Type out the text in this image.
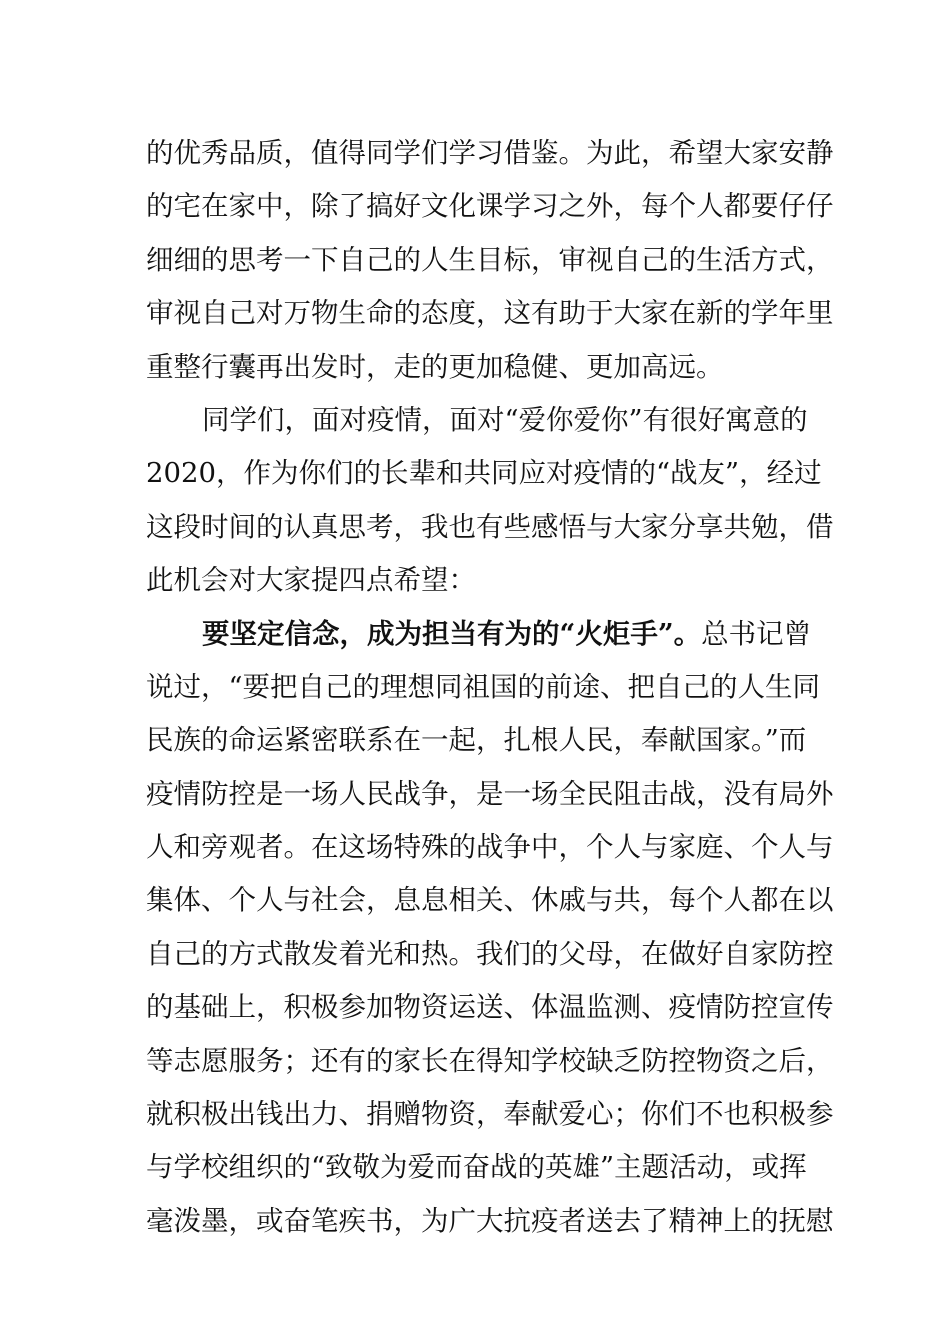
的优秀品质，值得同学们学习借鉴。为此，希望大家安静
的宅在家中，除了搞好文化课学习之外，每个人都要仔仔
细细的思考一下自己的人生目标，审视自己的生活方式，
审视自己对万物生命的态度，这有助于大家在新的学年里
重整行囊再出发时，走的更加稳健、更加高远。
同学们，面对疫情，面对“爱你爱你”有很好寓意的
2020，作为你们的长辈和共同应对疫情的“战友”，经过
这段时间的认真思考，我也有些感悟与大家分享共勉，借
此机会对大家提四点希望：
要坚定信念，成为担当有为的“火炬手”。总书记曾
说过，“要把自己的理想同祖国的前途、把自己的人生同
民族的命运紧密联系在一起，扎根人民，奉献国家。”而
疫情防控是一场人民战争，是一场全民阻击战，没有局外
人和旁观者。在这场特殊的战争中，个人与家庭、个人与
集体、个人与社会，息息相关、休戚与共，每个人都在以
自己的方式散发着光和热。我们的父母，在做好自家防控
的基础上，积极参加物资运送、体温监测、疫情防控宣传
等志愿服务；还有的家长在得知学校缺乏防控物资之后，
就积极出钱出力、捐赠物资，奉献爱心；你们不也积极参
与学校组织的“致敬为爱而奋战的英雄”主题活动，或挥
毫泼墨，或奋笔疾书，为广大抗疫者送去了精神上的抚慰
